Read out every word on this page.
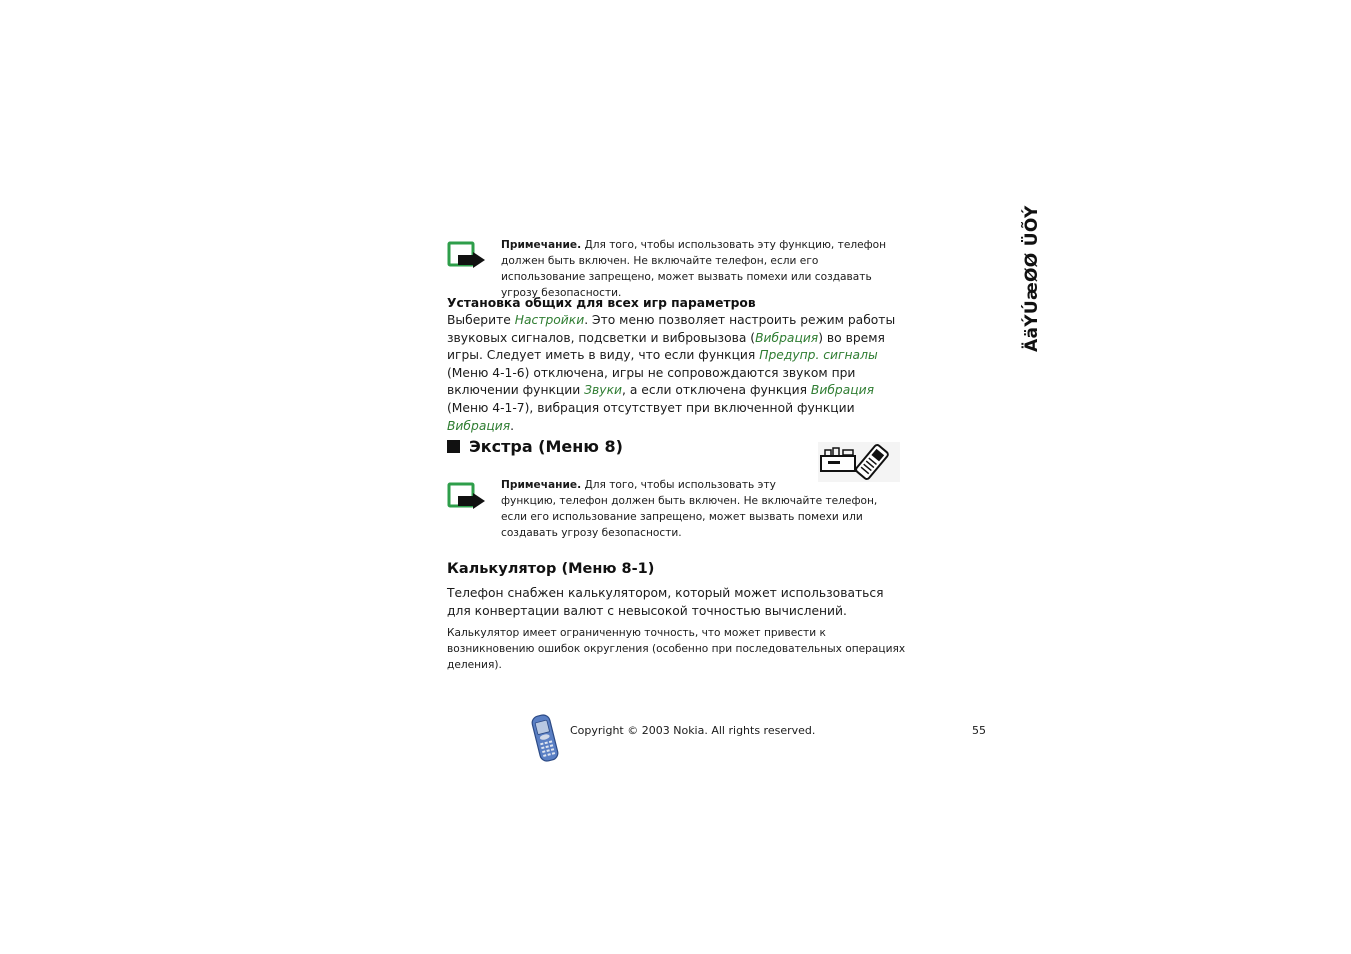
ÄäÝÚæØØ ÜÕÝ
Примечание. Для того, чтобы использовать эту функцию, телефон должен быть включен. Не включайте телефон, если его использование запрещено, может вызвать помехи или создавать угрозу безопасности.
Установка общих для всех игр параметров
Выберите Настройки. Это меню позволяет настроить режим работы звуковых сигналов, подсветки и вибровызова (Вибрация) во время игры. Следует иметь в виду, что если функция Предупр. сигналы (Меню 4-1-6) отключена, игры не сопровождаются звуком при включении функции Звуки, а если отключена функция Вибрация (Меню 4-1-7), вибрация отсутствует при включенной функции Вибрация.
Экстра (Меню 8)
Примечание. Для того, чтобы использовать эту
функцию, телефон должен быть включен. Не включайте телефон, если его использование запрещено, может вызвать помехи или создавать угрозу безопасности.
Калькулятор (Меню 8-1)
Телефон снабжен калькулятором, который может использоваться для конвертации валют с невысокой точностью вычислений.
Калькулятор имеет ограниченную точность, что может привести к возникновению ошибок округления (особенно при последовательных операциях деления).
Copyright © 2003 Nokia. All rights reserved.	55
